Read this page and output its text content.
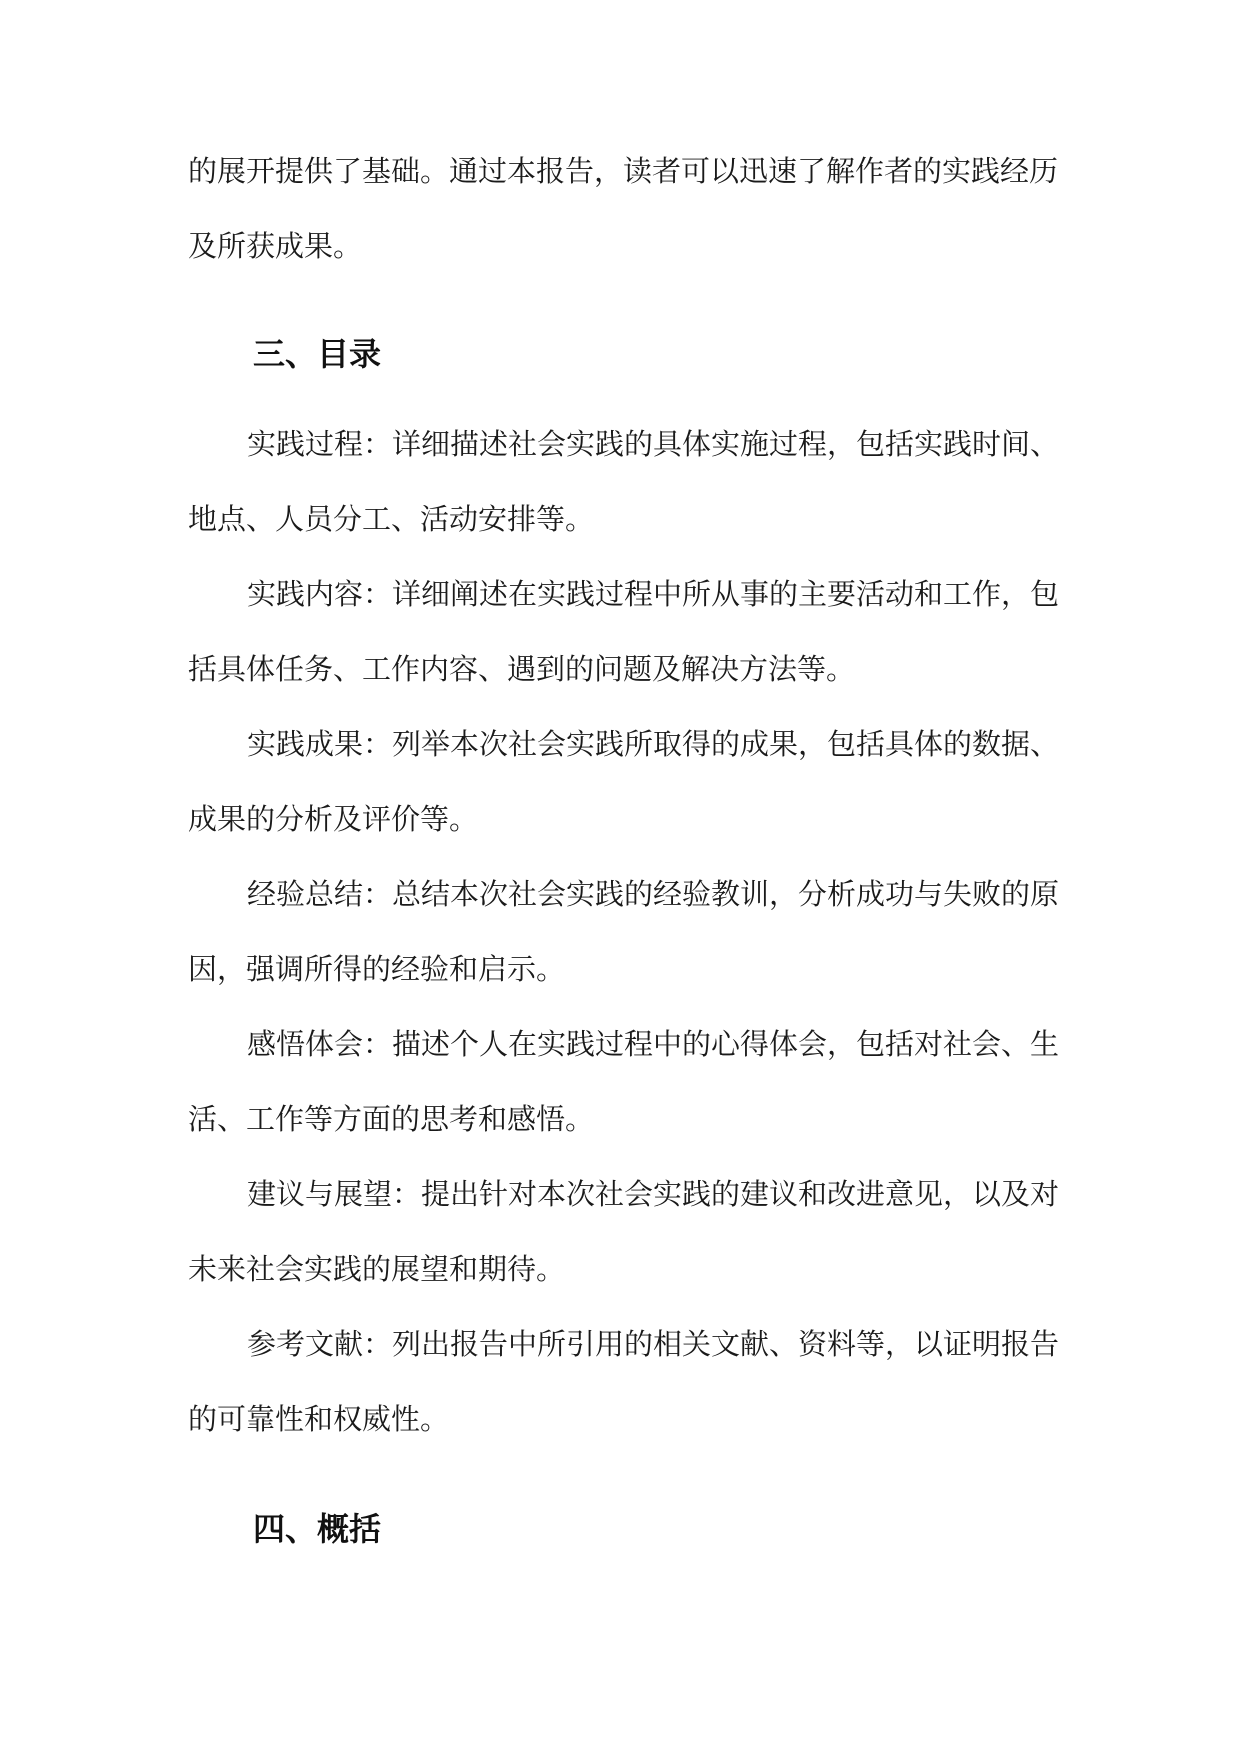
的展开提供了基础。通过本报告，读者可以迅速了解作者的实践经历及所获成果。

三、目录

实践过程：详细描述社会实践的具体实施过程，包括实践时间、地点、人员分工、活动安排等。

实践内容：详细阐述在实践过程中所从事的主要活动和工作，包括具体任务、工作内容、遇到的问题及解决方法等。

实践成果：列举本次社会实践所取得的成果，包括具体的数据、成果的分析及评价等。

经验总结：总结本次社会实践的经验教训，分析成功与失败的原因，强调所得的经验和启示。

感悟体会：描述个人在实践过程中的心得体会，包括对社会、生活、工作等方面的思考和感悟。

建议与展望：提出针对本次社会实践的建议和改进意见，以及对未来社会实践的展望和期待。

参考文献：列出报告中所引用的相关文献、资料等，以证明报告的可靠性和权威性。

四、概括
